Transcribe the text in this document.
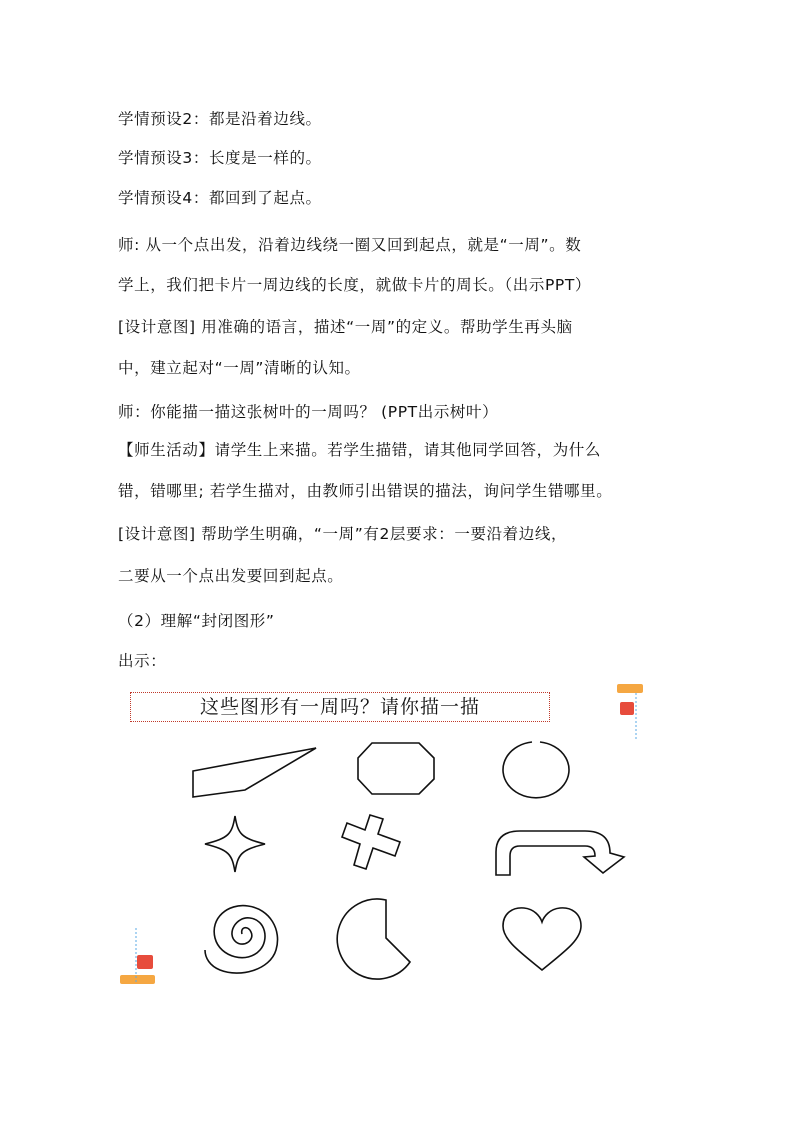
学情预设2：都是沿着边线。
学情预设3：长度是一样的。
学情预设4：都回到了起点。
师: 从一个点出发，沿着边线绕一圈又回到起点，就是“一周”。数
学上，我们把卡片一周边线的长度，就做卡片的周长。（出示PPT）
[设计意图] 用准确的语言，描述“一周”的定义。帮助学生再头脑
中，建立起对“一周”清晰的认知。
师：你能描一描这张树叶的一周吗？ (PPT出示树叶）
【师生活动】请学生上来描。若学生描错，请其他同学回答，为什么
错，错哪里; 若学生描对，由教师引出错误的描法，询问学生错哪里。
[设计意图] 帮助学生明确，“一周”有2层要求：一要沿着边线，
二要从一个点出发要回到起点。
（2）理解“封闭图形”
出示：
这些图形有一周吗？请你描一描
